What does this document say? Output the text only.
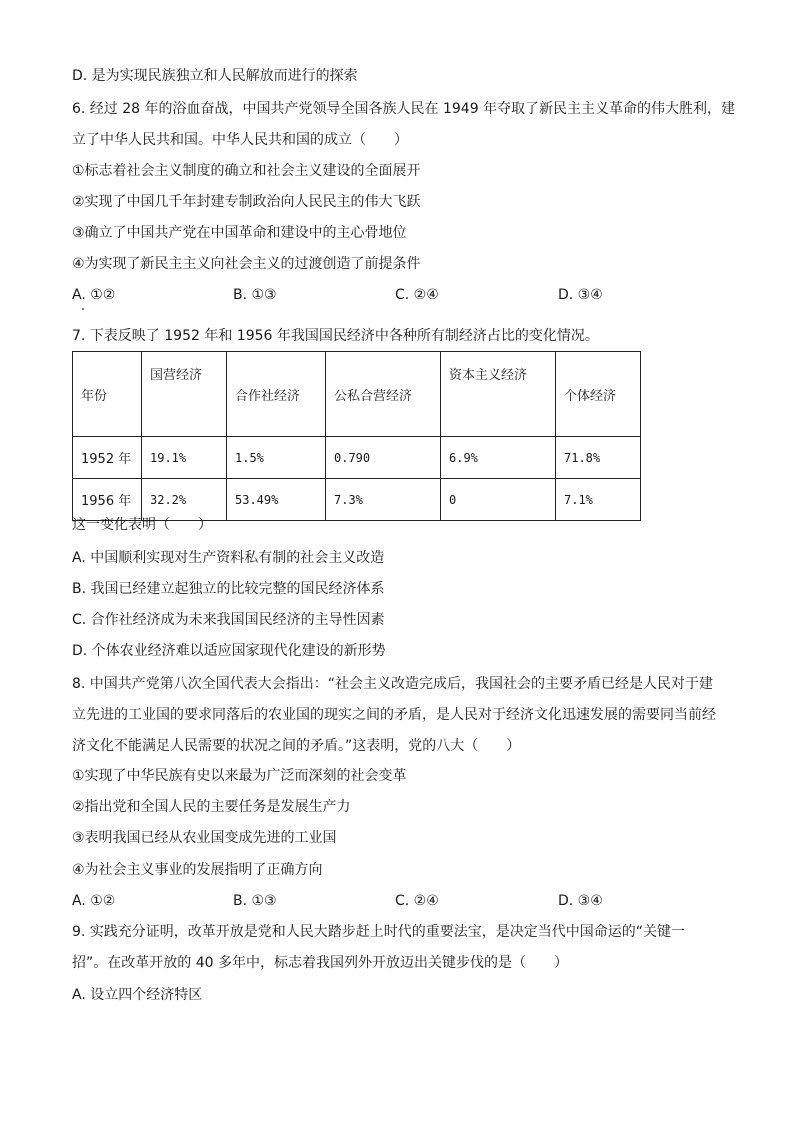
D. 是为实现民族独立和人民解放而进行的探索
6. 经过 28 年的浴血奋战，中国共产党领导全国各族人民在 1949 年夺取了新民主主义革命的伟大胜利，建
立了中华人民共和国。中华人民共和国的成立（　　）
①标志着社会主义制度的确立和社会主义建设的全面展开
②实现了中国几千年封建专制政治向人民民主的伟大飞跃
③确立了中国共产党在中国革命和建设中的主心骨地位
④为实现了新民主主义向社会主义的过渡创造了前提条件
A. ①②	B. ①③	C. ②④	D. ③④
7. 下表反映了 1952 年和 1956 年我国国民经济中各种所有制经济占比的变化情况。
年份	国营经济	合作社经济	公私合营经济	资本主义经济	个体经济
1952 年	19.1%	1.5%	0.790	6.9%	71.8%
1956 年	32.2%	53.49%	7.3%	0	7.1%
这一变化表明（　　）
A. 中国顺利实现对生产资料私有制的社会主义改造
B. 我国已经建立起独立的比较完整的国民经济体系
C. 合作社经济成为未来我国国民经济的主导性因素
D. 个体农业经济难以适应国家现代化建设的新形势
8. 中国共产党第八次全国代表大会指出：“社会主义改造完成后，我国社会的主要矛盾已经是人民对于建
立先进的工业国的要求同落后的农业国的现实之间的矛盾，是人民对于经济文化迅速发展的需要同当前经
济文化不能满足人民需要的状况之间的矛盾。”这表明，党的八大（　　）
①实现了中华民族有史以来最为广泛而深刻的社会变革
②指出党和全国人民的主要任务是发展生产力
③表明我国已经从农业国变成先进的工业国
④为社会主义事业的发展指明了正确方向
A. ①②	B. ①③	C. ②④	D. ③④
9. 实践充分证明，改革开放是党和人民大踏步赶上时代的重要法宝，是决定当代中国命运的“关键一
招”。在改革开放的 40 多年中，标志着我国列外开放迈出关键步伐的是（　　）
A. 设立四个经济特区
